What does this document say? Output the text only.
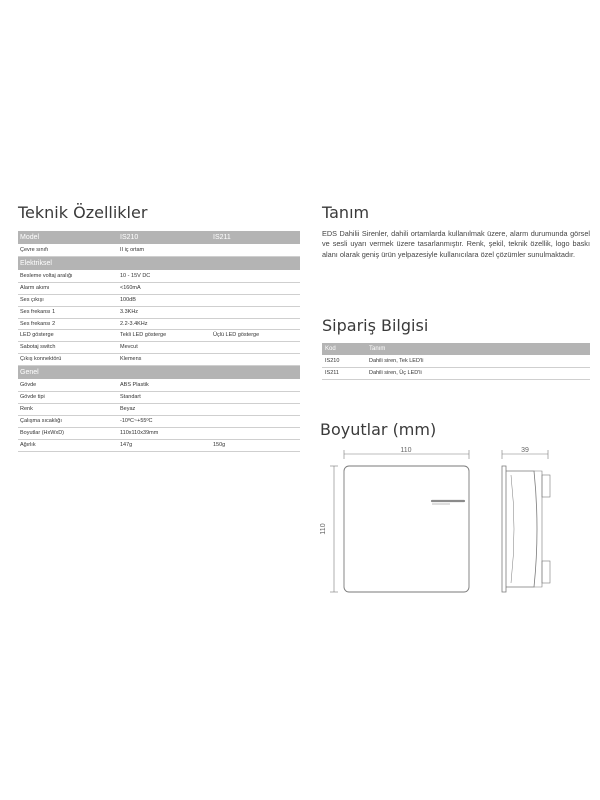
Teknik Özellikler	Tanım
Sipariş Bilgisi
Boyutlar (mm)
Model	IS210	IS211
Çevre sınıfı	II iç ortam	
Elektriksel		
Besleme voltaj aralığı	10 - 15V DC	
Alarm akımı	<160mA	
Ses çıkışı	100dB	
Ses frekansı 1	3.3KHz	
Ses frekansı 2	2.2-3.4KHz	
LED gösterge	Tekli LED gösterge	Üçlü LED gösterge
Sabotaj switch	Mevcut	
Çıkış konnektörü	Klemens	
Genel		
Gövde	ABS Plastik	
Gövde tipi	Standart	
Renk	Beyaz	
Çalışma sıcaklığı	-10ºC~+55ºC	
Boyutlar (HxWxD)	110x110x39mm	
Ağırlık	147g	150g

EDS Dahilii Sirenler, dahili ortamlarda kullanılmak üzere, alarm durumunda görsel ve sesli uyarı vermek üzere tasarlanmıştır. Renk, şekil, teknik özellik, logo baskı alanı olarak geniş ürün yelpazesiyle kullanıcılara özel çözümler sunulmaktadır.

Kod	Tanım
IS210	Dahili siren, Tek LED'li
IS211	Dahili siren, Üç LED'li
110
110
39
